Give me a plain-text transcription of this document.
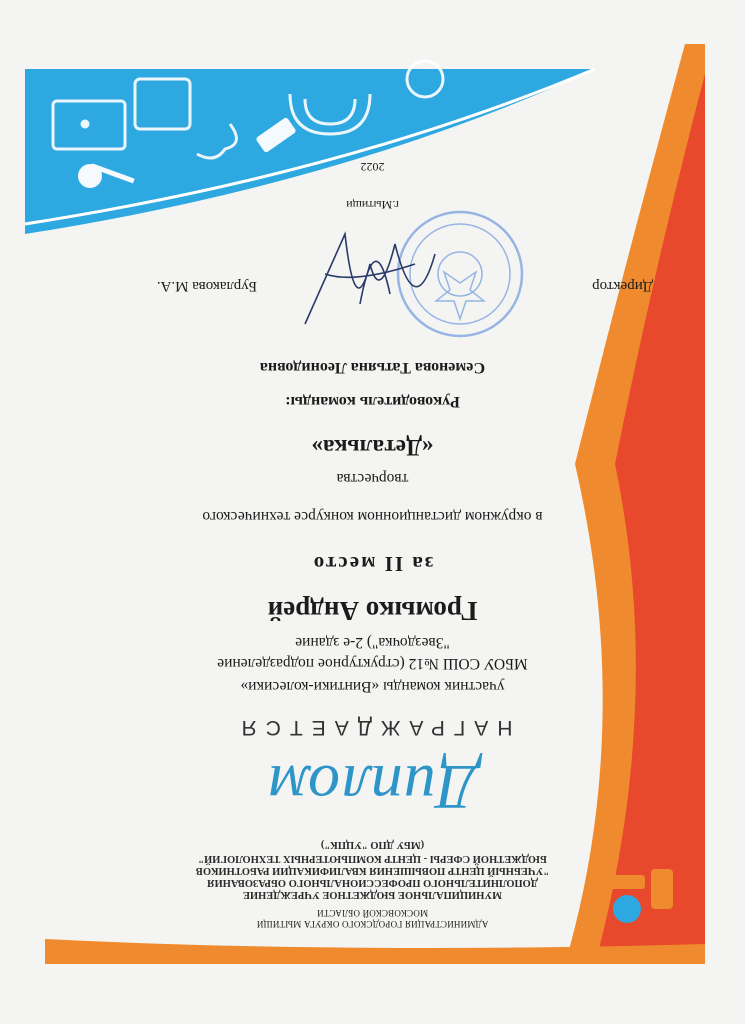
АДМИНИСТРАЦИЯ ГОРОДСКОГО ОКРУГА МЫТИЩИ
МОСКОВСКОЙ ОБЛАСТИ
МУНИЦИПАЛЬНОЕ БЮДЖЕТНОЕ УЧРЕЖДЕНИЕ
ДОПОЛНИТЕЛЬНОГО ПРОФЕССИОНАЛЬНОГО ОБРАЗОВАНИЯ
"УЧЕБНЫЙ ЦЕНТР ПОВЫШЕНИЯ КВАЛИФИКАЦИИ РАБОТНИКОВ
БЮДЖЕТНОЙ СФЕРЫ - ЦЕНТР КОМПЬЮТЕРНЫХ ТЕХНОЛОГИЙ"
(МБУ ДПО "УЦПК")
Диплом
НАГРАЖДАЕТСЯ
участник команды «Винтики-колесики»
МБОУ СОШ №12 (структурное подразделение
"Звездочка") 2-е здание
Громыко Андрей
за II место
в окружном дистанционном конкурсе технического
творчества
«Деталька»
Руководитель команды:
Семенова Татьяна Леонидовна
Директор
Бурлакова М.А.
г.Мытищи
2022
